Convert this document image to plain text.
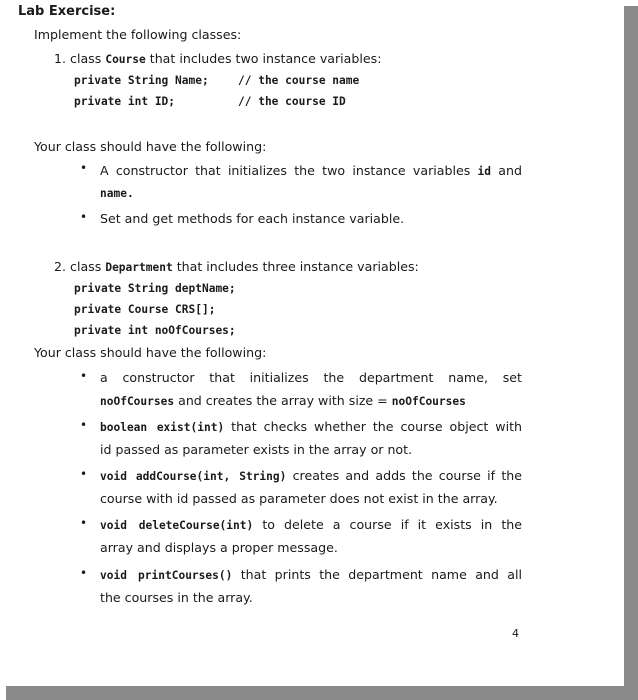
Lab Exercise:
Implement the following classes:
1. class Course that includes two instance variables:
private String Name;	// the course name
private int ID;	// the course ID
Your class should have the following:
• A constructor that initializes the two instance variables id and
name.
• Set and get methods for each instance variable.
2. class Department that includes three instance variables:
private String deptName;
private Course CRS[];
private int noOfCourses;
Your class should have the following:
• a constructor that initializes the department name, set
noOfCourses and creates the array with size = noOfCourses
• boolean exist(int) that checks whether the course object with
id passed as parameter exists in the array or not.
• void addCourse(int, String) creates and adds the course if the
course with id passed as parameter does not exist in the array.
• void deleteCourse(int) to delete a course if it exists in the
array and displays a proper message.
• void printCourses() that prints the department name and all
the courses in the array.
4
